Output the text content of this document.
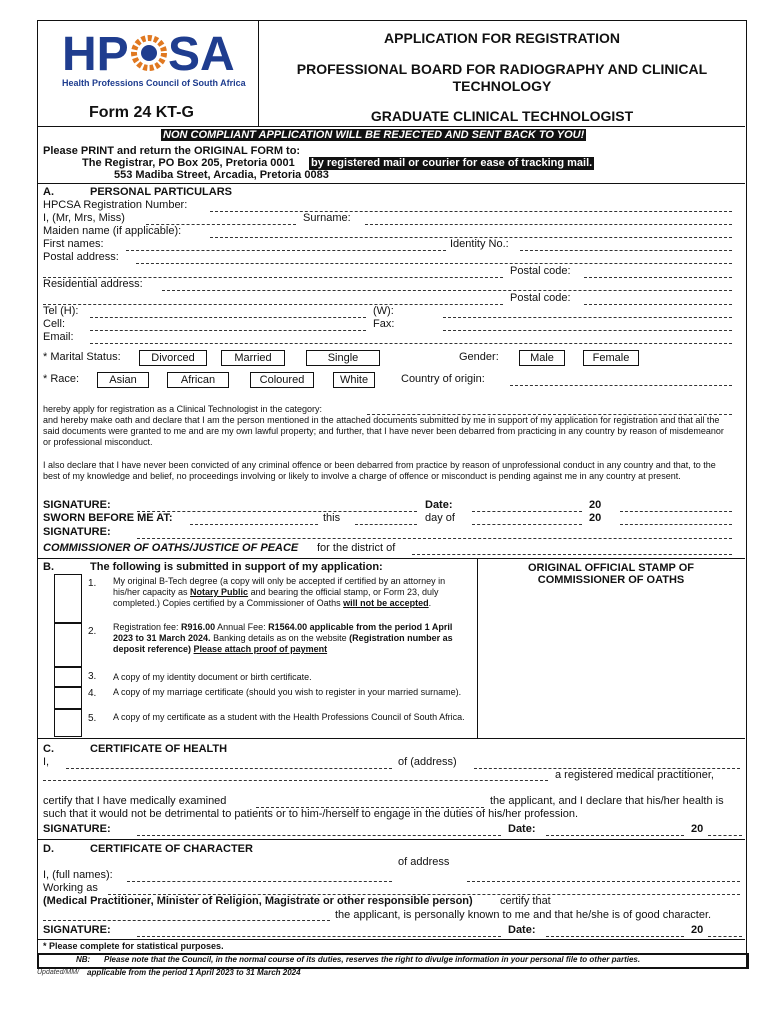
HP SA
Health Professions Council of South Africa
Form 24 KT-G
APPLICATION FOR REGISTRATION
PROFESSIONAL BOARD FOR RADIOGRAPHY AND CLINICAL TECHNOLOGY
GRADUATE CLINICAL TECHNOLOGIST
NON COMPLIANT APPLICATION WILL BE REJECTED AND SENT BACK TO YOU!
Please PRINT and return the ORIGINAL FORM to:
The Registrar, PO Box 205, Pretoria 0001 by registered mail or courier for ease of tracking mail.
553 Madiba Street, Arcadia, Pretoria 0083
A.	PERSONAL PARTICULARS
HPCSA Registration Number:
I, (Mr, Mrs, Miss)	Surname:
Maiden name (if applicable):
First names:	Identity No.:
Postal address:
Postal code:
Residential address:
Postal code:
Tel (H):	(W):
Cell:	Fax:
Email:
* Marital Status:	Divorced	Married	Single	Gender:	Male	Female
* Race:	Asian	African	Coloured	White	Country of origin:
hereby apply for registration as a Clinical Technologist in the category:
and hereby make oath and declare that I am the person mentioned in the attached documents submitted by me in support of my application for registration and that all the said documents were granted to me and are my own lawful property; and further, that I have never been debarred from practicing in any country by reason of misdemeanor or professional misconduct.
I also declare that I have never been convicted of any criminal offence or been debarred from practice by reason of unprofessional conduct in any country and that, to the best of my knowledge and belief, no proceedings involving or likely to involve a charge of offence or misconduct is pending against me in any country at present.
SIGNATURE:	Date:	20
SWORN BEFORE ME AT:	this	day of	20
SIGNATURE:
COMMISSIONER OF OATHS/JUSTICE OF PEACE for the district of
B.	The following is submitted in support of my application:	ORIGINAL OFFICIAL STAMP OF COMMISSIONER OF OATHS
1. My original B-Tech degree (a copy will only be accepted if certified by an attorney in his/her capacity as Notary Public and bearing the official stamp, or Form 23, duly completed.) Copies certified by a Commissioner of Oaths will not be accepted.
2. Registration fee: R916.00 Annual Fee: R1564.00 applicable from the period 1 April 2023 to 31 March 2024. Banking details as on the website (Registration number as deposit reference) Please attach proof of payment
3. A copy of my identity document or birth certificate.
4. A copy of my marriage certificate (should you wish to register in your married surname).
5. A copy of my certificate as a student with the Health Professions Council of South Africa.
C.	CERTIFICATE OF HEALTH
I,	of (address)
a registered medical practitioner,
certify that I have medically examined	the applicant, and I declare that his/her health is
such that it would not be detrimental to patients or to him-/herself to engage in the duties of his/her profession.
SIGNATURE:	Date:	20
D.	CERTIFICATE OF CHARACTER
of address
I, (full names):
Working as
(Medical Practitioner, Minister of Religion, Magistrate or other responsible person) certify that
the applicant, is personally known to me and that he/she is of good character.
SIGNATURE:	Date:	20
* Please complete for statistical purposes.
NB: Please note that the Council, in the normal course of its duties, reserves the right to divulge information in your personal file to other parties.
Updated/MM/ applicable from the period 1 April 2023 to 31 March 2024
